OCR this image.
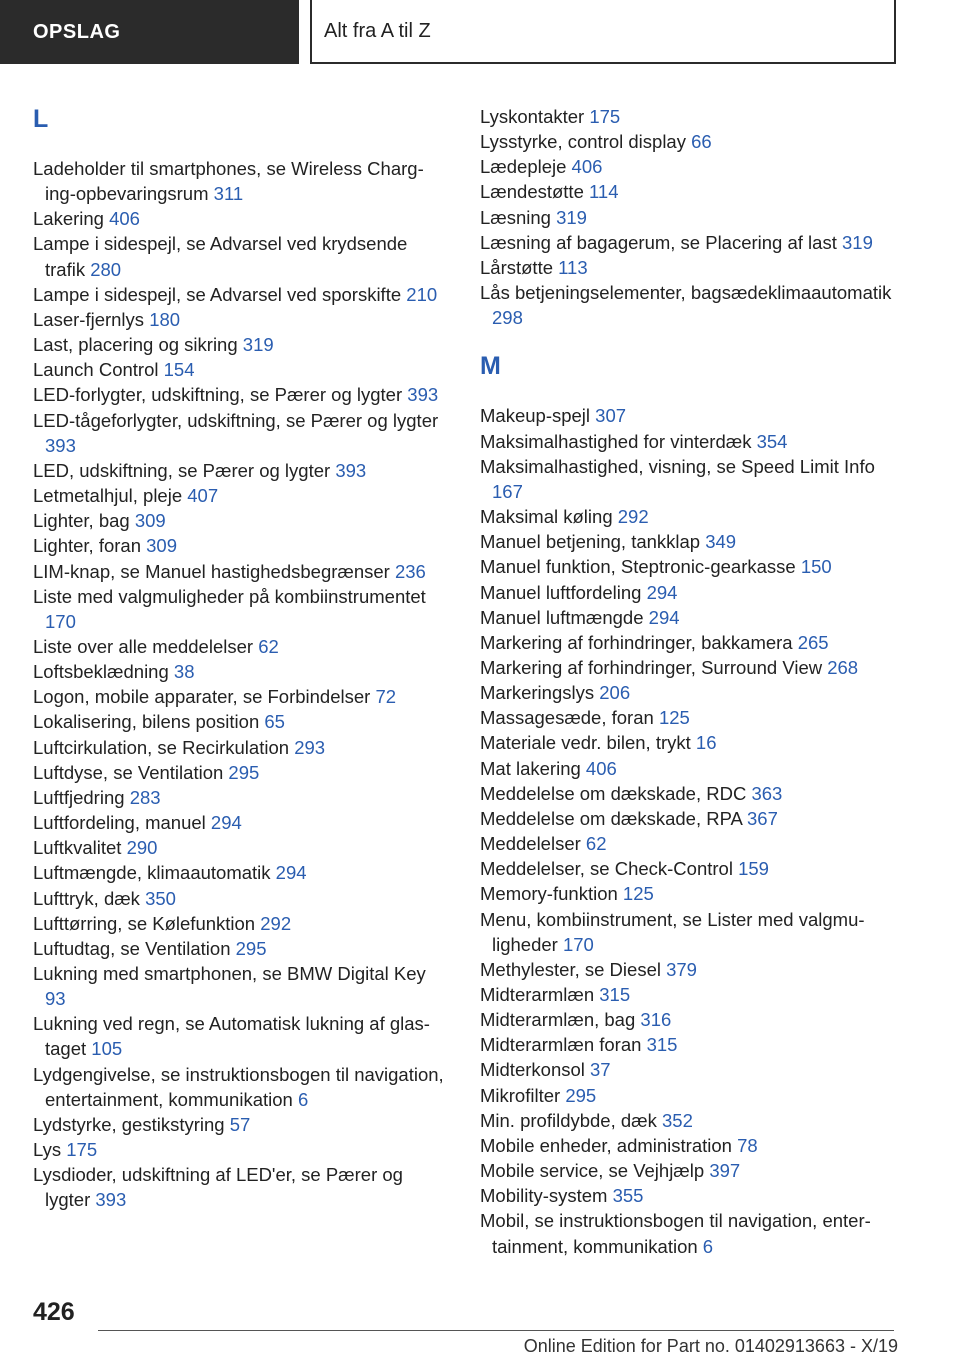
OPSLAG	Alt fra A til Z
L
Ladeholder til smartphones, se Wireless Charging-opbevaringsrum 311
Lakering 406
Lampe i sidespejl, se Advarsel ved krydsende trafik 280
Lampe i sidespejl, se Advarsel ved sporskifte 210
Laser-fjernlys 180
Last, placering og sikring 319
Launch Control 154
LED-forlygter, udskiftning, se Pærer og lygter 393
LED-tågeforlygter, udskiftning, se Pærer og lygter 393
LED, udskiftning, se Pærer og lygter 393
Letmetalhjul, pleje 407
Lighter, bag 309
Lighter, foran 309
LIM-knap, se Manuel hastighedsbegrænser 236
Liste med valgmuligheder på kombiinstrumentet 170
Liste over alle meddelelser 62
Loftsbeklædning 38
Logon, mobile apparater, se Forbindelser 72
Lokalisering, bilens position 65
Luftcirkulation, se Recirkulation 293
Luftdyse, se Ventilation 295
Luftfjedring 283
Luftfordeling, manuel 294
Luftkvalitet 290
Luftmængde, klimaautomatik 294
Lufttryk, dæk 350
Lufttørring, se Kølefunktion 292
Luftudtag, se Ventilation 295
Lukning med smartphonen, se BMW Digital Key 93
Lukning ved regn, se Automatisk lukning af glastaget 105
Lydgengivelse, se instruktionsbogen til navigation, entertainment, kommunikation 6
Lydstyrke, gestikstyring 57
Lys 175
Lysdioder, udskiftning af LED'er, se Pærer og lygter 393
Lyskontakter 175
Lysstyrke, control display 66
Lædepleje 406
Lændestøtte 114
Læsning 319
Læsning af bagagerum, se Placering af last 319
Lårstøtte 113
Lås betjeningselementer, bagsædeklimaautomatik 298
M
Makeup-spejl 307
Maksimalhastighed for vinterdæk 354
Maksimalhastighed, visning, se Speed Limit Info 167
Maksimal køling 292
Manuel betjening, tankklap 349
Manuel funktion, Steptronic-gearkasse 150
Manuel luftfordeling 294
Manuel luftmængde 294
Markering af forhindringer, bakkamera 265
Markering af forhindringer, Surround View 268
Markeringslys 206
Massagesæde, foran 125
Materiale vedr. bilen, trykt 16
Mat lakering 406
Meddelelse om dækskade, RDC 363
Meddelelse om dækskade, RPA 367
Meddelelser 62
Meddelelser, se Check-Control 159
Memory-funktion 125
Menu, kombiinstrument, se Lister med valgmuligheder 170
Methylester, se Diesel 379
Midterarmlæn 315
Midterarmlæn, bag 316
Midterarmlæn foran 315
Midterkonsol 37
Mikrofilter 295
Min. profildybde, dæk 352
Mobile enheder, administration 78
Mobile service, se Vejhjælp 397
Mobility-system 355
Mobil, se instruktionsbogen til navigation, entertainment, kommunikation 6
426
Online Edition for Part no. 01402913663 - X/19
